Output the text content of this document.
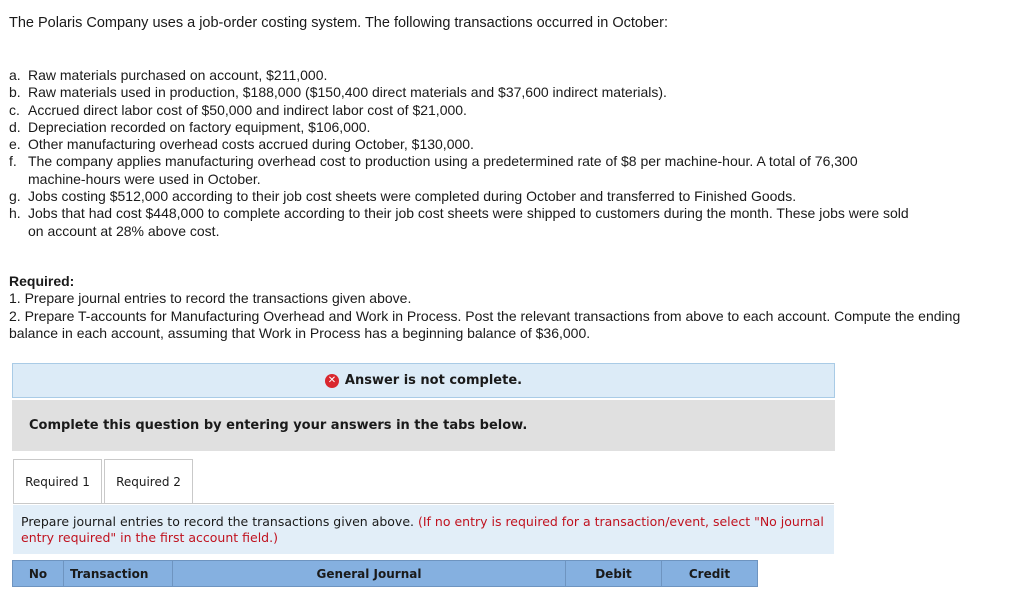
The Polaris Company uses a job-order costing system. The following transactions occurred in October:
a. Raw materials purchased on account, $211,000.
b. Raw materials used in production, $188,000 ($150,400 direct materials and $37,600 indirect materials).
c. Accrued direct labor cost of $50,000 and indirect labor cost of $21,000.
d. Depreciation recorded on factory equipment, $106,000.
e. Other manufacturing overhead costs accrued during October, $130,000.
f. The company applies manufacturing overhead cost to production using a predetermined rate of $8 per machine-hour. A total of 76,300 machine-hours were used in October.
g. Jobs costing $512,000 according to their job cost sheets were completed during October and transferred to Finished Goods.
h. Jobs that had cost $448,000 to complete according to their job cost sheets were shipped to customers during the month. These jobs were sold on account at 28% above cost.
Required:
1. Prepare journal entries to record the transactions given above.
2. Prepare T-accounts for Manufacturing Overhead and Work in Process. Post the relevant transactions from above to each account. Compute the ending balance in each account, assuming that Work in Process has a beginning balance of $36,000.
✕ Answer is not complete.
Complete this question by entering your answers in the tabs below.
Required 1	Required 2
Prepare journal entries to record the transactions given above. (If no entry is required for a transaction/event, select "No journal entry required" in the first account field.)
No	Transaction	General Journal	Debit	Credit
